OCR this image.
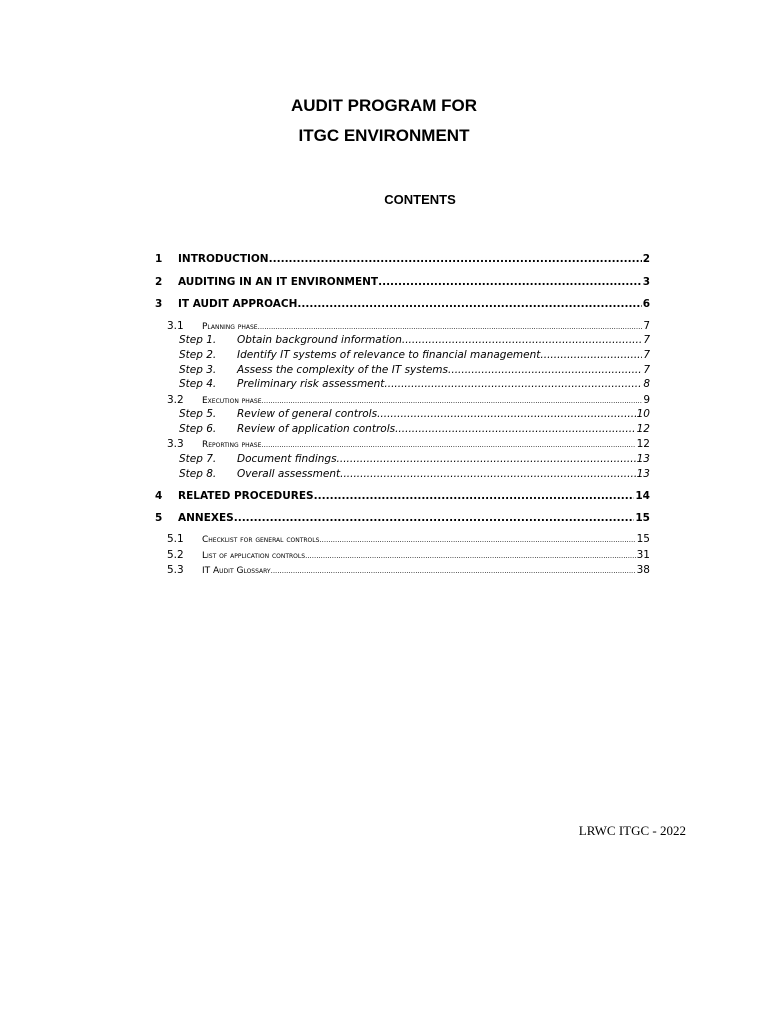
AUDIT PROGRAM FOR
ITGC ENVIRONMENT
CONTENTS
1	INTRODUCTION .....	2
2	AUDITING IN AN IT ENVIRONMENT .....	3
3	IT AUDIT APPROACH .....	6
3.1	Planning phase .....	7
Step 1.	Obtain background information .....	7
Step 2.	Identify IT systems of relevance to financial management .....	7
Step 3.	Assess the complexity of the IT systems .....	7
Step 4.	Preliminary risk assessment .....	8
3.2	Execution phase .....	9
Step 5.	Review of general controls .....	10
Step 6.	Review of application controls .....	12
3.3	Reporting phase .....	12
Step 7.	Document findings .....	13
Step 8.	Overall assessment .....	13
4	RELATED PROCEDURES .....	14
5	ANNEXES .....	15
5.1	Checklist for general controls .....	15
5.2	List of application controls .....	31
5.3	IT Audit Glossary .....	38
LRWC ITGC - 2022
